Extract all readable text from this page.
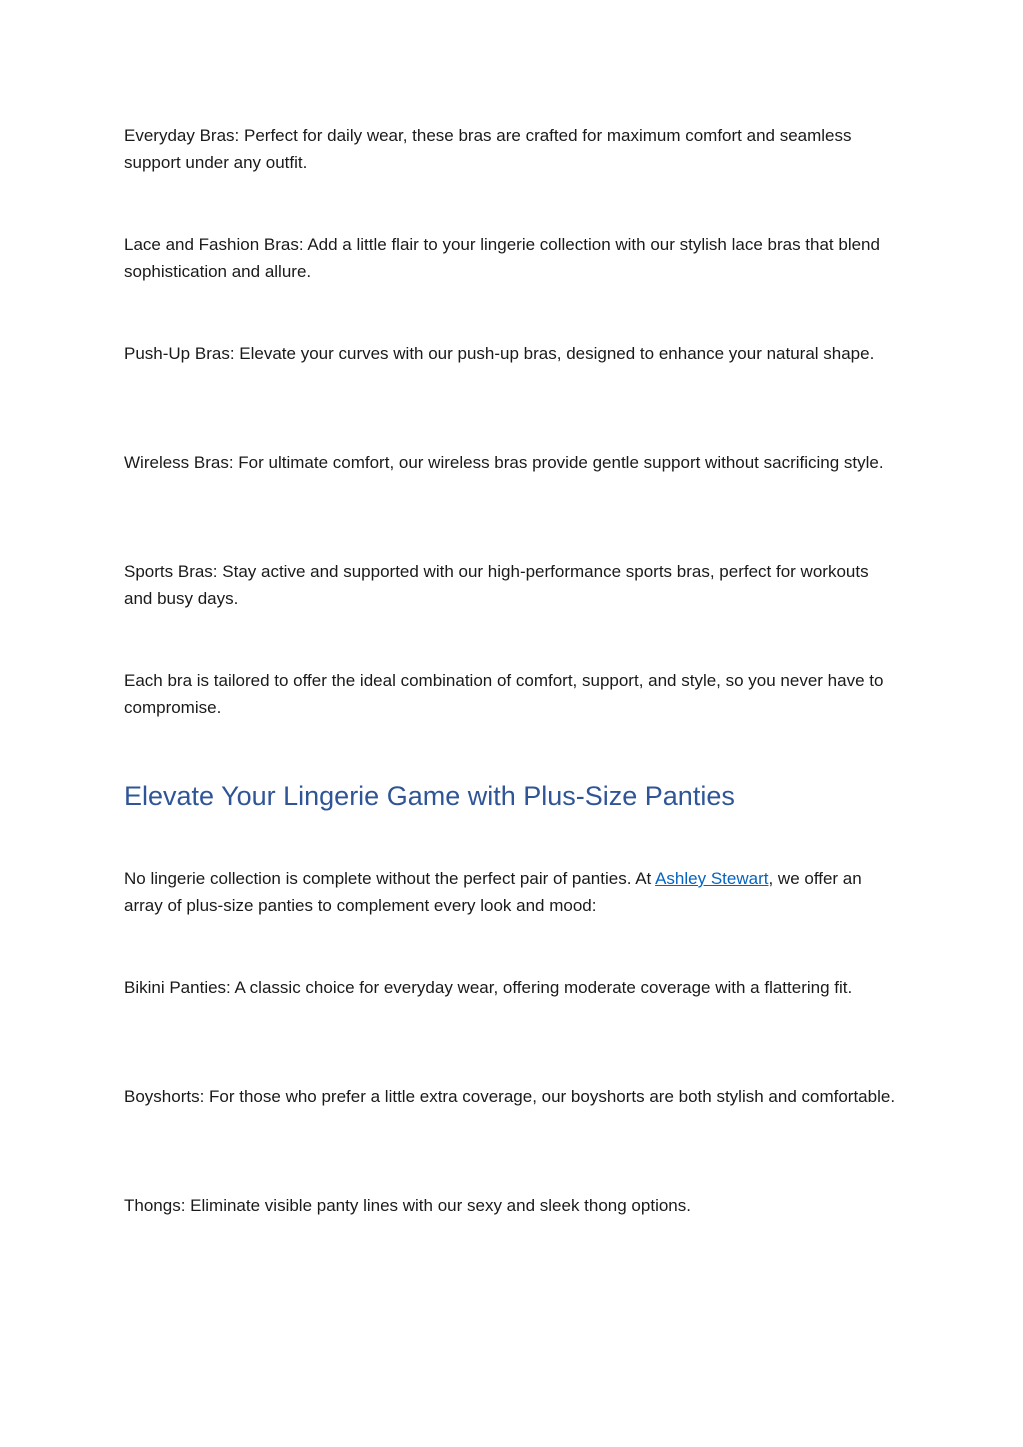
Everyday Bras: Perfect for daily wear, these bras are crafted for maximum comfort and seamless support under any outfit.

Lace and Fashion Bras: Add a little flair to your lingerie collection with our stylish lace bras that blend sophistication and allure.

Push-Up Bras: Elevate your curves with our push-up bras, designed to enhance your natural shape.

Wireless Bras: For ultimate comfort, our wireless bras provide gentle support without sacrificing style.

Sports Bras: Stay active and supported with our high-performance sports bras, perfect for workouts and busy days.

Each bra is tailored to offer the ideal combination of comfort, support, and style, so you never have to compromise.

Elevate Your Lingerie Game with Plus-Size Panties

No lingerie collection is complete without the perfect pair of panties. At Ashley Stewart, we offer an array of plus-size panties to complement every look and mood:

Bikini Panties: A classic choice for everyday wear, offering moderate coverage with a flattering fit.

Boyshorts: For those who prefer a little extra coverage, our boyshorts are both stylish and comfortable.

Thongs: Eliminate visible panty lines with our sexy and sleek thong options.
